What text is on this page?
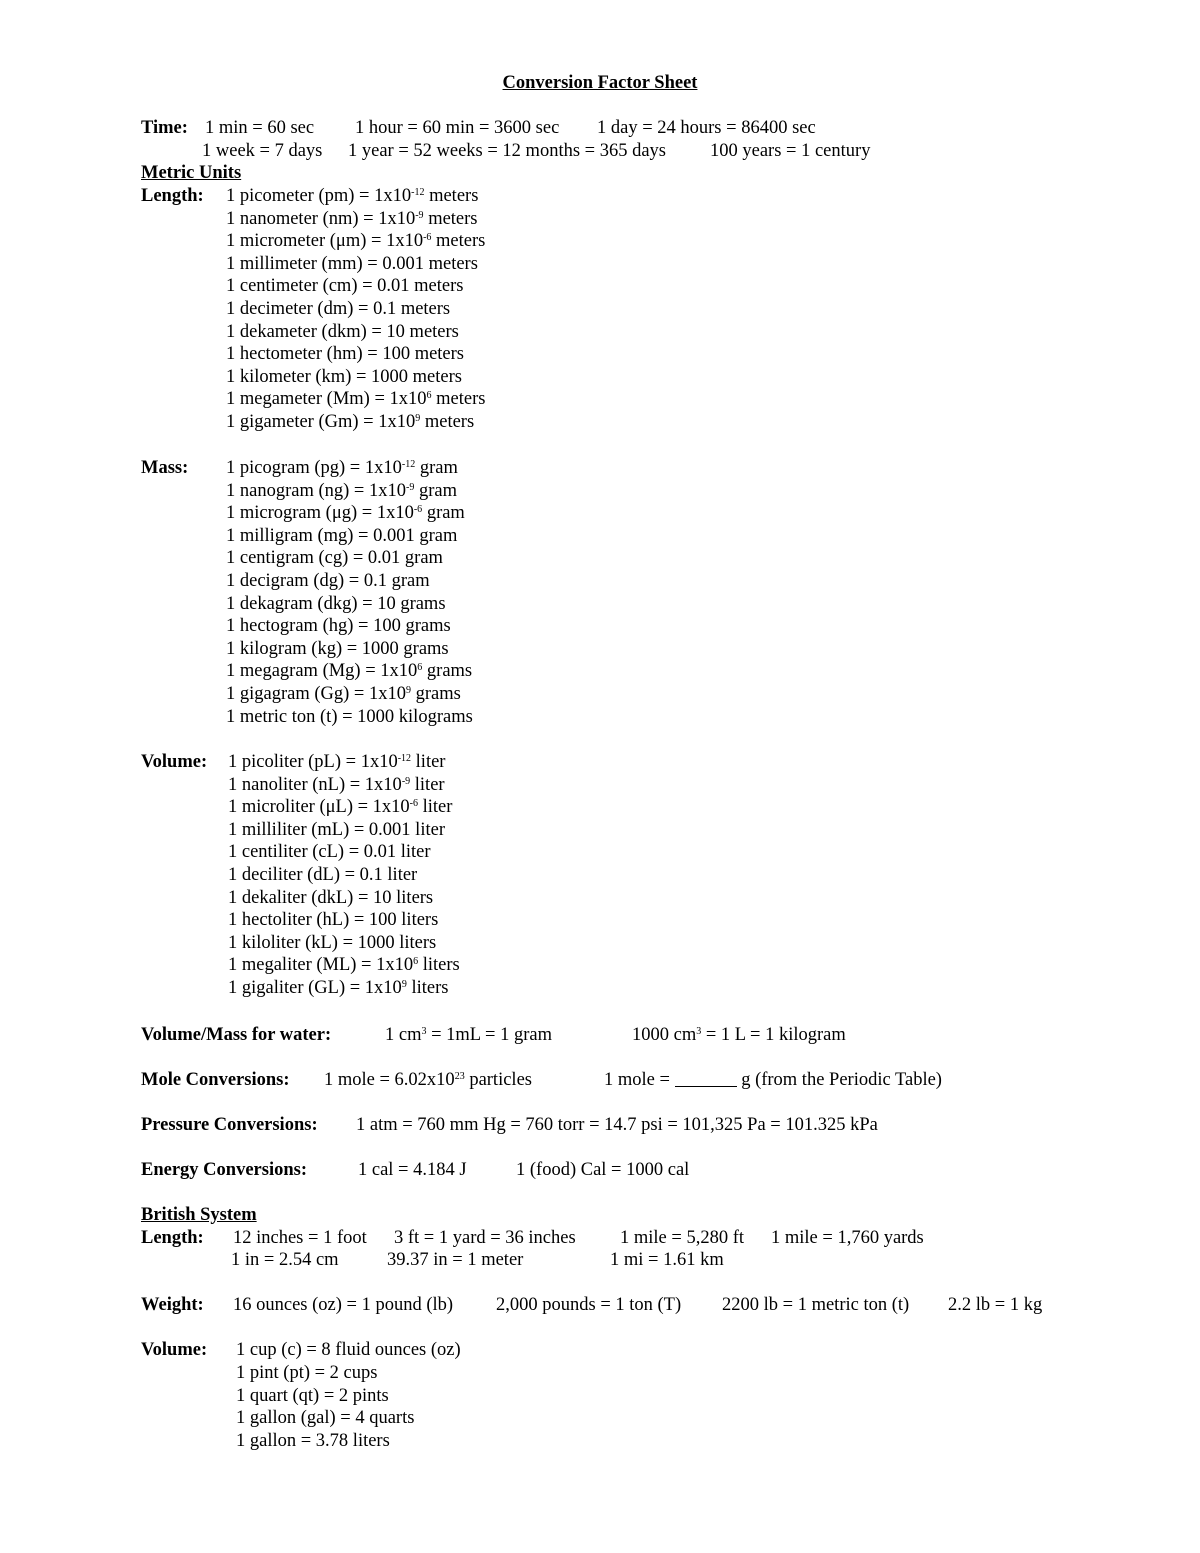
Conversion Factor Sheet
Time: 1 min = 60 sec 1 hour = 60 min = 3600 sec 1 day = 24 hours = 86400 sec
1 week = 7 days 1 year = 52 weeks = 12 months = 365 days 100 years = 1 century
Metric Units
Length: 1 picometer $(pm) = 1x10^{-12}$ meters
1 nanometer $(nm) = 1x10^{-9}$ meters
1 micrometer $(\mu m) = 1x10^{-6}$ meters
1 millimeter (mm) = 0.001 meters
1 centimeter (cm) = 0.01 meters
1 decimeter (dm) = 0.1 meters
1 dekameter (dkm) = 10 meters
1 hectometer (hm) = 100 meters
1 kilometer (km) = 1000 meters
1 megameter $(Mm) = 1x10^6$ meters
1 gigameter $(Gm) = 1x10^9$ meters
Mass: 1 picogram $(pg) = 1x10^{-12}$ gram
1 nanogram $(ng) = 1x10^{-9}$ gram
1 microgram $(\mu g) = 1x10^{-6}$ gram
1 milligram (mg) = 0.001 gram
1 centigram (cg) = 0.01 gram
1 decigram (dg) = 0.1 gram
1 dekagram (dkg) = 10 grams
1 hectogram (hg) = 100 grams
1 kilogram (kg) = 1000 grams
1 megagram $(Mg) = 1x10^6$ grams
1 gigagram $(Gg) = 1x10^9$ grams
1 metric ton (t) = 1000 kilograms
Volume: 1 picoliter $(pL) = 1x10^{-12}$ liter
1 nanoliter $(nL) = 1x10^{-9}$ liter
1 microliter $(\mu L) = 1x10^{-6}$ liter
1 milliliter (mL) = 0.001 liter
1 centiliter (cL) = 0.01 liter
1 deciliter (dL) = 0.1 liter
1 dekaliter (dkL) = 10 liters
1 hectoliter (hL) = 100 liters
1 kiloliter (kL) = 1000 liters
1 megaliter $(ML) = 1x10^6$ liters
1 gigaliter $(GL) = 1x10^9$ liters
Volume/Mass for water:	1 $cm^3 = 1mL = 1$ gram	1000 $cm^3 = 1$ L = 1 kilogram
Mole Conversions: 1 mole = $6.02x10^{23}$ particles	1 mole =	g (from the Periodic Table)
Pressure Conversions: 1 atm = 760 mm Hg = 760 torr = 14.7 psi = 101,325 Pa = 101.325 kPa
Energy Conversions:	1 cal = 4.184 J	1 (food) Cal = 1000 cal
British System
Length: 12 inches = 1 foot 3 ft = 1 yard = 36 inches 1 mile = 5,280 ft 1 mile = 1,760 yards
1 in = 2.54 cm	39.37 in = 1 meter	1 mi = 1.61 km
Weight: 16 ounces (oz) = 1 pound (lb) 2,000 pounds = 1 ton (T) 2200 lb = 1 metric ton (t) 2.2 lb = 1 kg
Volume: 1 cup (c) = 8 fluid ounces (oz)
1 pint (pt) = 2 cups
1 quart (qt) = 2 pints
1 gallon (gal) = 4 quarts
1 gallon = 3.78 liters
